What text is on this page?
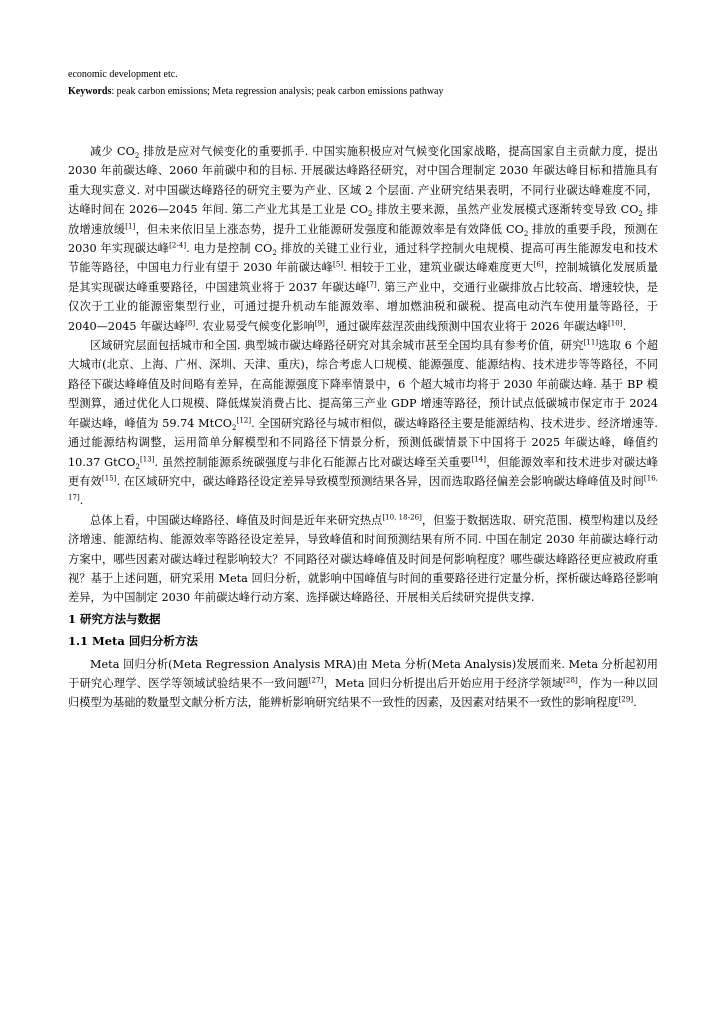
economic development etc.

Keywords: peak carbon emissions; Meta regression analysis; peak carbon emissions pathway

减少 $CO_2$ 排放是应对气候变化的重要抓手. 中国实施积极应对气候变化国家战略，提高国家自主贡献力度，提出 2030 年前碳达峰、2060 年前碳中和的目标. 开展碳达峰路径研究，对中国合理制定 2030 年碳达峰目标和措施具有重大现实意义. 对中国碳达峰路径的研究主要为产业、区域 2 个层面. 产业研究结果表明，不同行业碳达峰难度不同，达峰时间在 2026—2045 年间. 第二产业尤其是工业是 $CO_2$ 排放主要来源，虽然产业发展模式逐渐转变导致 $CO_2$ 排放增速放缓[1]，但未来依旧呈上涨态势，提升工业能源研发强度和能源效率是有效降低 $CO_2$ 排放的重要手段，预测在 2030 年实现碳达峰[2-4]. 电力是控制 $CO_2$ 排放的关键工业行业，通过科学控制火电规模、提高可再生能源发电和技术节能等路径，中国电力行业有望于 2030 年前碳达峰[5]. 相较于工业，建筑业碳达峰难度更大[6]，控制城镇化发展质量是其实现碳达峰重要路径，中国建筑业将于 2037 年碳达峰[7]. 第三产业中，交通行业碳排放占比较高、增速较快，是仅次于工业的能源密集型行业，可通过提升机动车能源效率、增加燃油税和碳税、提高电动汽车使用量等路径，于 2040—2045 年碳达峰[8]. 农业易受气候变化影响[9]，通过碳库兹涅茨曲线预测中国农业将于 2026 年碳达峰[10].

区域研究层面包括城市和全国. 典型城市碳达峰路径研究对其余城市甚至全国均具有参考价值，研究[11]选取 6 个超大城市(北京、上海、广州、深圳、天津、重庆)，综合考虑人口规模、能源强度、能源结构、技术进步等等路径，不同路径下碳达峰峰值及时间略有差异，在高能源强度下降率情景中，6 个超大城市均将于 2030 年前碳达峰. 基于 BP 模型测算，通过优化人口规模、降低煤炭消费占比、提高第三产业 GDP 增速等路径，预计试点低碳城市保定市于 2024 年碳达峰，峰值为 59.74 MtCO$_2$[12]. 全国研究路径与城市相似，碳达峰路径主要是能源结构、技术进步、经济增速等. 通过能源结构调整，运用简单分解模型和不同路径下情景分析，预测低碳情景下中国将于 2025 年碳达峰，峰值约 10.37 GtCO$_2$[13]. 虽然控制能源系统碳强度与非化石能源占比对碳达峰至关重要[14]，但能源效率和技术进步对碳达峰更有效[15]. 在区域研究中，碳达峰路径设定差异导致模型预测结果各异，因而选取路径偏差会影响碳达峰峰值及时间[16, 17].

总体上看，中国碳达峰路径、峰值及时间是近年来研究热点[10, 18-26]，但鉴于数据选取、研究范围、模型构建以及经济增速、能源结构、能源效率等路径设定差异，导致峰值和时间预测结果有所不同. 中国在制定 2030 年前碳达峰行动方案中，哪些因素对碳达峰过程影响较大？不同路径对碳达峰峰值及时间是何影响程度？哪些碳达峰路径更应被政府重视？基于上述问题，研究采用 Meta 回归分析，就影响中国峰值与时间的重要路径进行定量分析，探析碳达峰路径影响差异，为中国制定 2030 年前碳达峰行动方案、选择碳达峰路径、开展相关后续研究提供支撑.

1 研究方法与数据

1.1 Meta 回归分析方法

Meta 回归分析(Meta Regression Analysis MRA)由 Meta 分析(Meta Analysis)发展而来. Meta 分析起初用于研究心理学、医学等领域试验结果不一致问题[27]，Meta 回归分析提出后开始应用于经济学领域[28]，作为一种以回归模型为基础的数量型文献分析方法，能辨析影响研究结果不一致性的因素，及因素对结果不一致性的影响程度[29].
